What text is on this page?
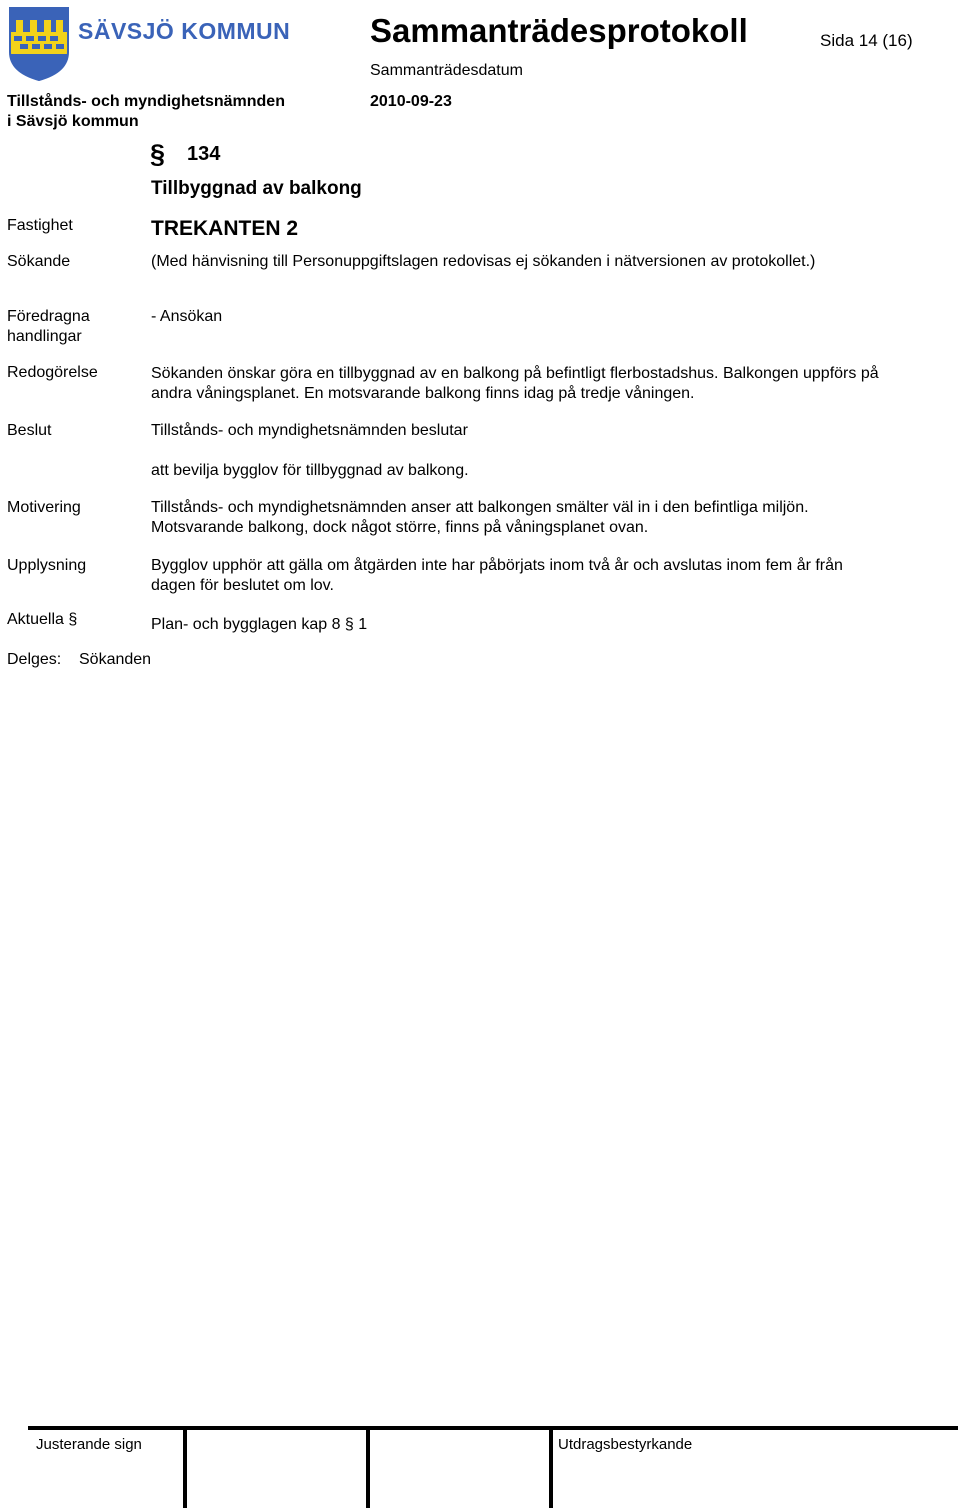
SÄVSJÖ KOMMUN Sammanträdesprotokoll	Sida 14 (16)
Sammanträdesdatum
2010-09-23
Tillstånds- och myndighetsnämnden
i Sävsjö kommun
§ 134
Tillbyggnad av balkong
Fastighet	TREKANTEN 2
Sökande	(Med hänvisning till Personuppgiftslagen redovisas ej sökanden i nätversionen av protokollet.)
Föredragna
handlingar
- Ansökan
Redogörelse	Sökanden önskar göra en tillbyggnad av en balkong på befintligt flerbostadshus. Balkongen uppförs på
andra våningsplanet. En motsvarande balkong finns idag på tredje våningen.
Beslut	Tillstånds- och myndighetsnämnden beslutar
att bevilja bygglov för tillbyggnad av balkong.
Motivering	Tillstånds- och myndighetsnämnden anser att balkongen smälter väl in i den befintliga miljön.
Motsvarande balkong, dock något större, finns på våningsplanet ovan.
Upplysning	Bygglov upphör att gälla om åtgärden inte har påbörjats inom två år och avslutas inom fem år från
dagen för beslutet om lov.
Aktuella §	Plan- och bygglagen kap 8 § 1
Delges: Sökanden
Justerande sign	Utdragsbestyrkande
